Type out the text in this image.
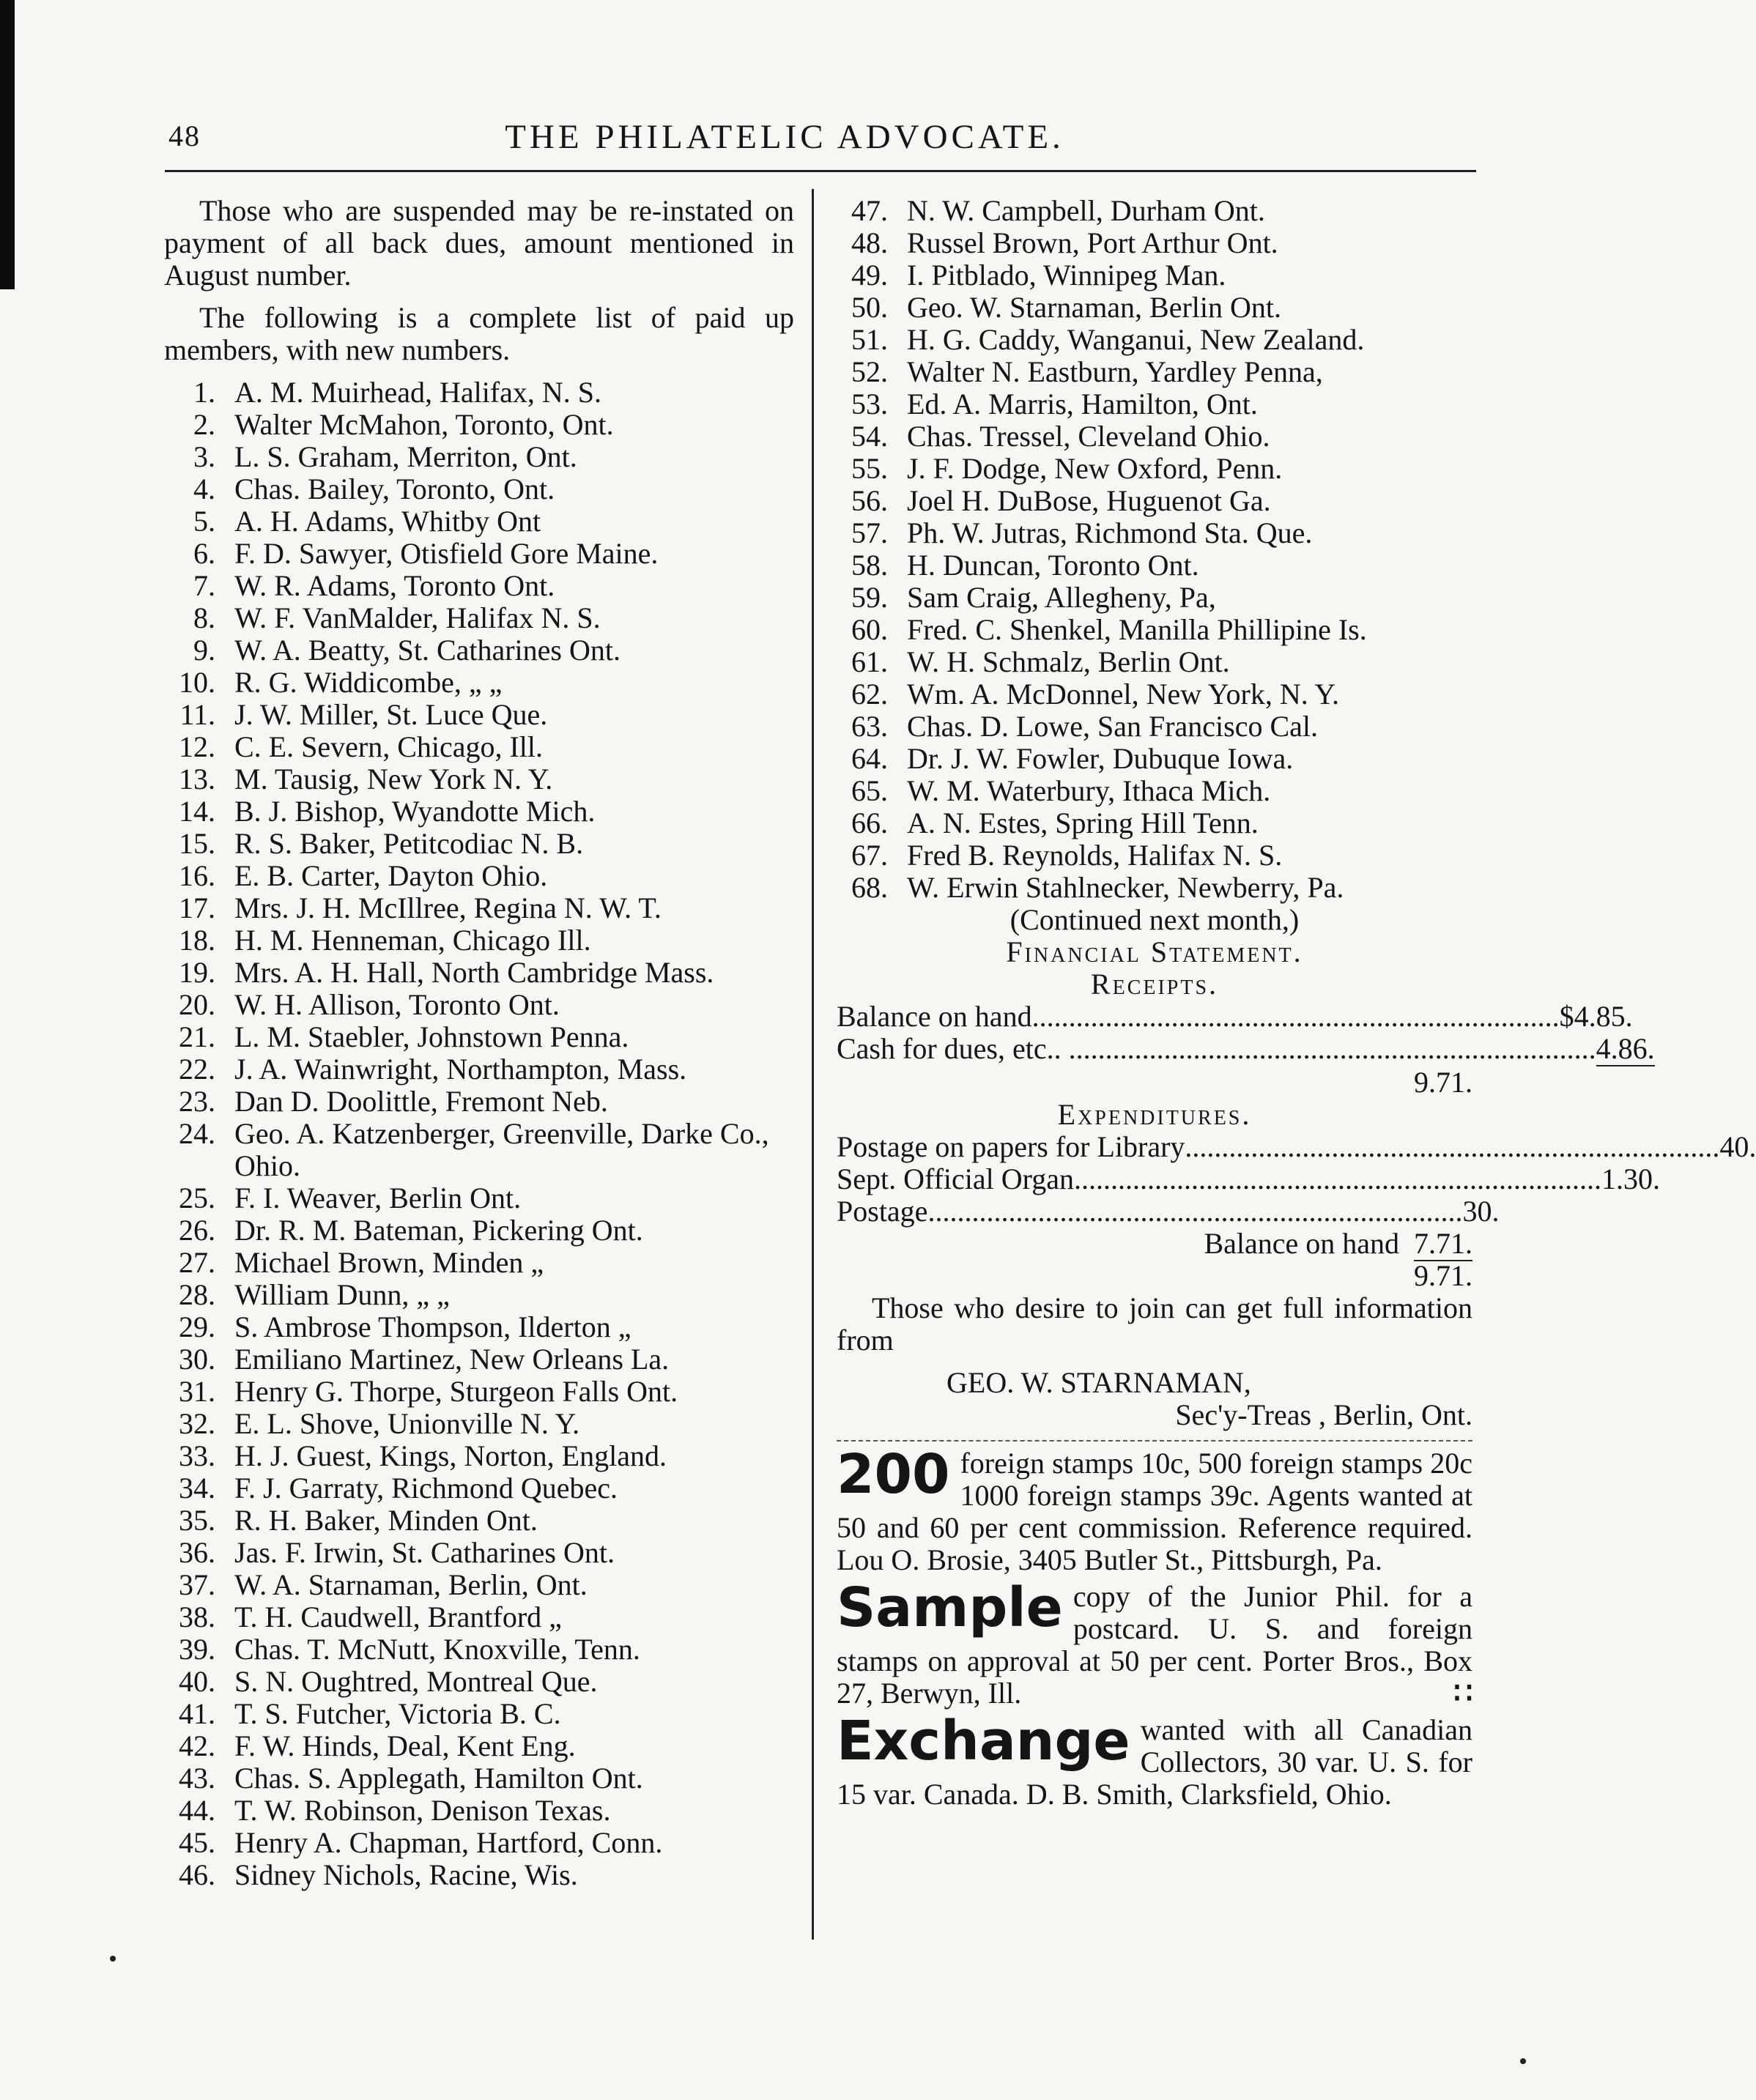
48	THE PHILATELIC ADVOCATE.

Those who are suspended may be re-instated on payment of all back dues, amount mentioned in August number.

The following is a complete list of paid up members, with new numbers.

1. A. M. Muirhead, Halifax, N. S.

2. Walter McMahon, Toronto, Ont.

3. L. S. Graham, Merriton, Ont.

4. Chas. Bailey, Toronto, Ont.

5. A. H. Adams, Whitby Ont

6. F. D. Sawyer, Otisfield Gore Maine.

7. W. R. Adams, Toronto Ont.

8. W. F. VanMalder, Halifax N. S.

9. W. A. Beatty, St. Catharines Ont.

10. R. G. Widdicombe, „ „

11. J. W. Miller, St. Luce Que.

12. C. E. Severn, Chicago, Ill.

13. M. Tausig, New York N. Y.

14. B. J. Bishop, Wyandotte Mich.

15. R. S. Baker, Petitcodiac N. B.

16. E. B. Carter, Dayton Ohio.

17. Mrs. J. H. McIllree, Regina N. W. T.

18. H. M. Henneman, Chicago Ill.

19. Mrs. A. H. Hall, North Cambridge Mass.

20. W. H. Allison, Toronto Ont.

21. L. M. Staebler, Johnstown Penna.

22. J. A. Wainwright, Northampton, Mass.

23. Dan D. Doolittle, Fremont Neb.

24. Geo. A. Katzenberger, Greenville, Darke Co., Ohio.

25. F. I. Weaver, Berlin Ont.

26. Dr. R. M. Bateman, Pickering Ont.

27. Michael Brown, Minden „

28. William Dunn, „ „

29. S. Ambrose Thompson, Ilderton „

30. Emiliano Martinez, New Orleans La.

31. Henry G. Thorpe, Sturgeon Falls Ont.

32. E. L. Shove, Unionville N. Y.

33. H. J. Guest, Kings, Norton, England.

34. F. J. Garraty, Richmond Quebec.

35. R. H. Baker, Minden Ont.

36. Jas. F. Irwin, St. Catharines Ont.

37. W. A. Starnaman, Berlin, Ont.

38. T. H. Caudwell, Brantford „

39. Chas. T. McNutt, Knoxville, Tenn.

40. S. N. Oughtred, Montreal Que.

41. T. S. Futcher, Victoria B. C.

42. F. W. Hinds, Deal, Kent Eng.

43. Chas. S. Applegath, Hamilton Ont.

44. T. W. Robinson, Denison Texas.

45. Henry A. Chapman, Hartford, Conn.

46. Sidney Nichols, Racine, Wis.

47. N. W. Campbell, Durham Ont.

48. Russel Brown, Port Arthur Ont.

49. I. Pitblado, Winnipeg Man.

50. Geo. W. Starnaman, Berlin Ont.

51. H. G. Caddy, Wanganui, New Zealand.

52. Walter N. Eastburn, Yardley Penna,

53. Ed. A. Marris, Hamilton, Ont.

54. Chas. Tressel, Cleveland Ohio.

55. J. F. Dodge, New Oxford, Penn.

56. Joel H. DuBose, Huguenot Ga.

57. Ph. W. Jutras, Richmond Sta. Que.

58. H. Duncan, Toronto Ont.

59. Sam Craig, Allegheny, Pa,

60. Fred. C. Shenkel, Manilla Phillipine Is.

61. W. H. Schmalz, Berlin Ont.

62. Wm. A. McDonnel, New York, N. Y.

63. Chas. D. Lowe, San Francisco Cal.

64. Dr. J. W. Fowler, Dubuque Iowa.

65. W. M. Waterbury, Ithaca Mich.

66. A. N. Estes, Spring Hill Tenn.

67. Fred B. Reynolds, Halifax N. S.

68. W. Erwin Stahlnecker, Newberry, Pa.

(Continued next month,)

Financial Statement.

Receipts.

Balance on hand ........................................................................ $4.85.
Cash for dues, etc.. ........................................................................ 4.86.

9.71.

Expenditures.

Postage on papers for Library ........................................................................ .40.
Sept. Official Organ ........................................................................ 1.30.
Postage ........................................................................ .30.

Balance on hand 7.71.

9.71.

Those who desire to join can get full information from

GEO. W. STARNAMAN,

Sec'y-Treas , Berlin, Ont.

200 foreign stamps 10c, 500 foreign stamps 20c 1000 foreign stamps 39c. Agents wanted at 50 and 60 per cent commission. Reference required. Lou O. Brosie, 3405 Butler St., Pittsburgh, Pa.
Sample copy of the Junior Phil. for a postcard. U. S. and foreign stamps on approval at 50 per cent. Porter Bros., Box 27, Berwyn, Ill.	∷
Exchange wanted with all Canadian Collectors, 30 var. U. S. for 15 var. Canada. D. B. Smith, Clarksfield, Ohio.
